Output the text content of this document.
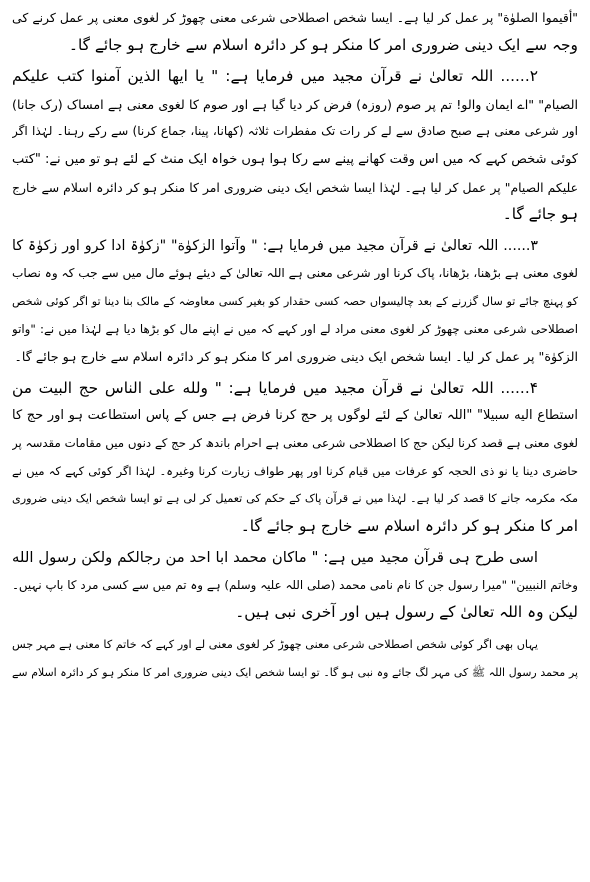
"أقيموا الصلوٰة" پر عمل کر لیا ہے۔ ایسا شخص اصطلاحی شرعی معنی چھوڑ کر لغوی معنی پر عمل کرنے کی
وجہ سے ایک دینی ضروری امر کا منکر ہو کر دائرہ اسلام سے خارج ہو جائے گا۔
۲...... اللہ تعالیٰ نے قرآن مجید میں فرمایا ہے: " یا ایها الذین آمنوا کتب علیکم
الصیام" "اے ایمان والو! تم پر صوم (روزہ) فرض کر دیا گیا ہے اور صوم کا لغوی معنی ہے امساک (رک جانا)
اور شرعی معنی ہے صبح صادق سے لے کر رات تک مفطرات ثلاثہ (کھانا، پینا، جماع کرنا) سے رکے رہنا۔ لہٰذا اگر
کوئی شخص کہے کہ میں اس وقت کھانے پینے سے رکا ہوا ہوں خواہ ایک منٹ کے لئے ہو تو میں نے: "کتب
علیکم الصیام" پر عمل کر لیا ہے۔ لہٰذا ایسا شخص ایک دینی ضروری امر کا منکر ہو کر دائرہ اسلام سے خارج
ہو جائے گا۔
۳...... اللہ تعالیٰ نے قرآن مجید میں فرمایا ہے: " وآتوا الزکوٰة" "زکوٰۃ ادا کرو اور زکوٰۃ کا
لغوی معنی ہے بڑھنا، بڑھانا، پاک کرنا اور شرعی معنی ہے اللہ تعالیٰ کے دیئے ہوئے مال میں سے جب کہ وہ نصاب
کو پہنچ جائے تو سال گزرنے کے بعد چالیسواں حصہ کسی حقدار کو بغیر کسی معاوضہ کے مالک بنا دینا تو اگر کوئی شخص
اصطلاحی شرعی معنی چھوڑ کر لغوی معنی مراد لے اور کہے کہ میں نے اپنے مال کو بڑھا دیا ہے لہٰذا میں نے: "واتو
الزکوٰة" پر عمل کر لیا۔ ایسا شخص ایک دینی ضروری امر کا منکر ہو کر دائرہ اسلام سے خارج ہو جائے گا۔
۴...... اللہ تعالیٰ نے قرآن مجید میں فرمایا ہے: " ولله على الناس حج البيت من
استطاع اليه سبيلا" "اللہ تعالیٰ کے لئے لوگوں پر حج کرنا فرض ہے جس کے پاس استطاعت ہو اور حج کا
لغوی معنی ہے قصد کرنا لیکن حج کا اصطلاحی شرعی معنی ہے احرام باندھ کر حج کے دنوں میں مقامات مقدسہ پر
حاضری دینا یا نو ذی الحجہ کو عرفات میں قیام کرنا اور پھر طواف زیارت کرنا وغیرہ۔ لہٰذا اگر کوئی کہے کہ میں نے
مکہ مکرمہ جانے کا قصد کر لیا ہے۔ لہٰذا میں نے قرآن پاک کے حکم کی تعمیل کر لی ہے تو ایسا شخص ایک دینی ضروری
امر کا منکر ہو کر دائرہ اسلام سے خارج ہو جائے گا۔
اسی طرح ہی قرآن مجید میں ہے: " ماكان محمد ابا احد من رجالكم ولكن رسول الله
وخاتم النبيين" "میرا رسول جن کا نام نامی محمد (صلی اللہ علیہ وسلم) ہے وہ تم میں سے کسی مرد کا باپ نہیں۔
لیکن وہ اللہ تعالیٰ کے رسول ہیں اور آخری نبی ہیں۔
یہاں بھی اگر کوئی شخص اصطلاحی شرعی معنی چھوڑ کر لغوی معنی لے اور کہے کہ خاتم کا معنی ہے مہر جس
پر محمد رسول اللہ ﷺ کی مہر لگ جائے وہ نبی ہو گا۔ تو ایسا شخص ایک دینی ضروری امر کا منکر ہو کر دائرہ اسلام سے
